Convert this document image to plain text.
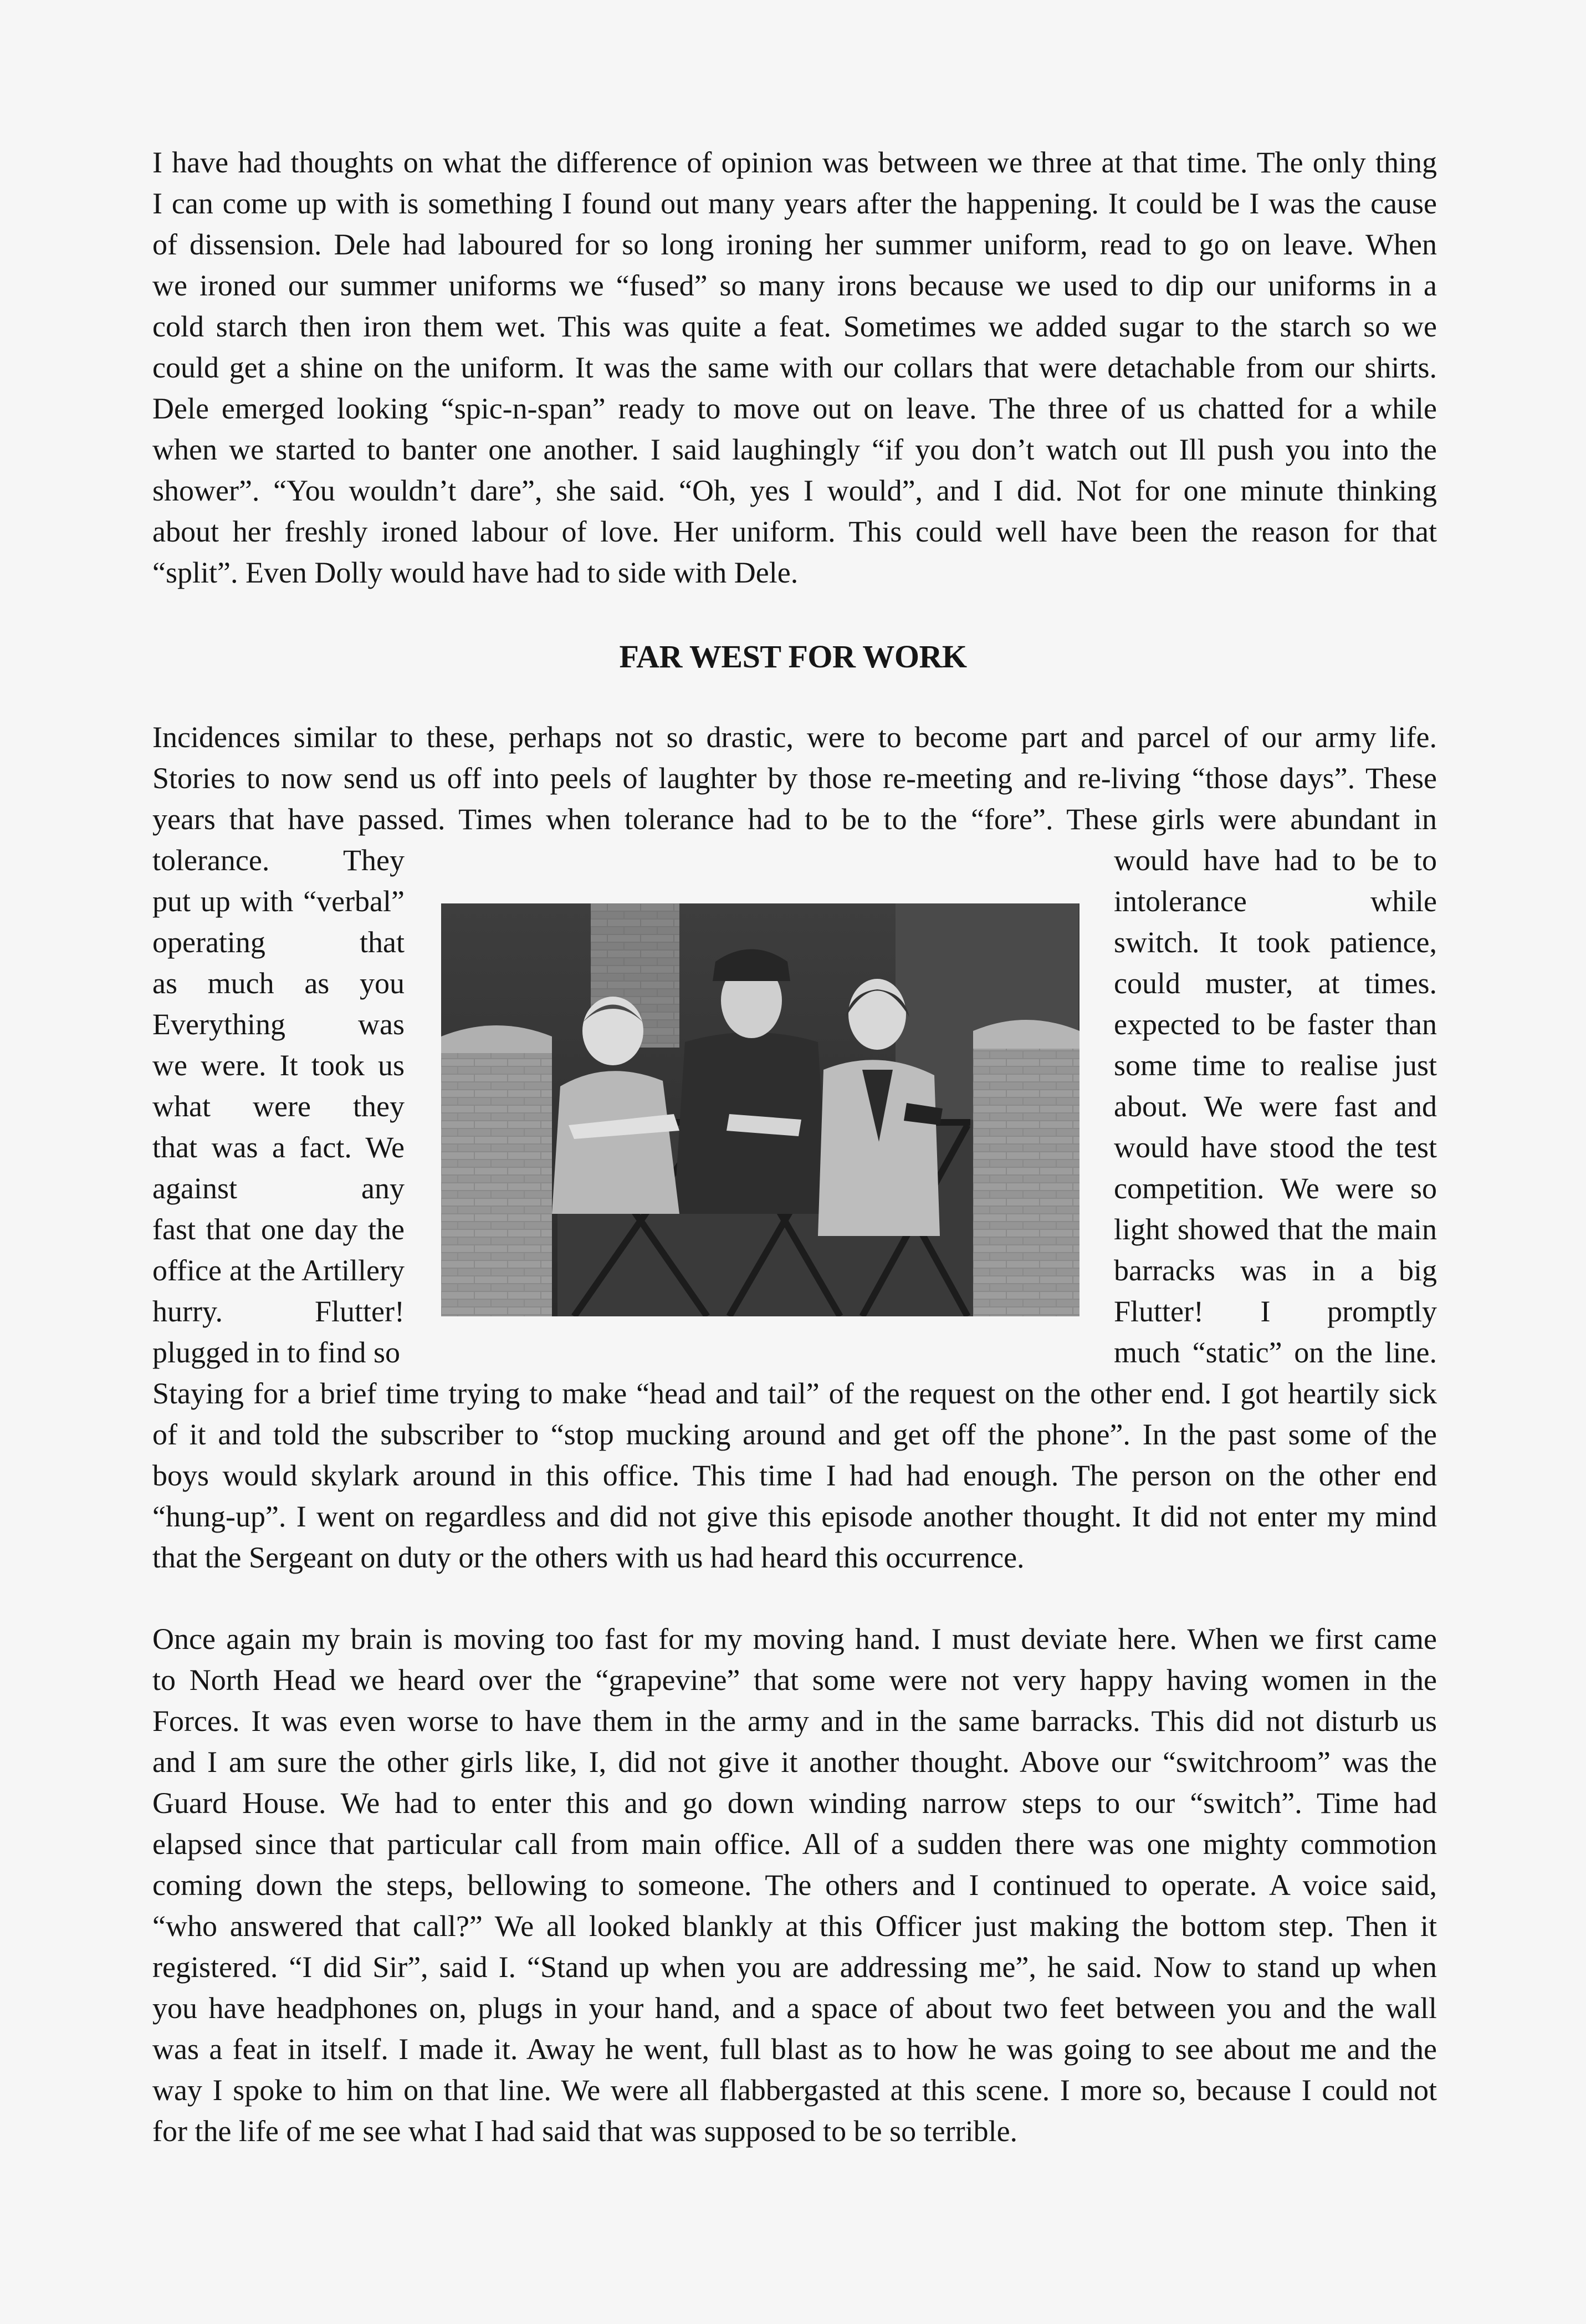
I have had thoughts on what the difference of opinion was between we three at that time. The only thing
I can come up with is something I found out many years after the happening. It could be I was the cause
of dissension. Dele had laboured for so long ironing her summer uniform, read to go on leave. When
we ironed our summer uniforms we “fused” so many irons because we used to dip our uniforms in a
cold starch then iron them wet. This was quite a feat. Sometimes we added sugar to the starch so we
could get a shine on the uniform. It was the same with our collars that were detachable from our shirts.
Dele emerged looking “spic-n-span” ready to move out on leave. The three of us chatted for a while
when we started to banter one another. I said laughingly “if you don’t watch out Ill push you into the
shower”. “You wouldn’t dare”, she said. “Oh, yes I would”, and I did. Not for one minute thinking
about her freshly ironed labour of love. Her uniform. This could well have been the reason for that
“split”. Even Dolly would have had to side with Dele.
FAR WEST FOR WORK
Incidences similar to these, perhaps not so drastic, were to become part and parcel of our army life.
Stories to now send us off into peels of laughter by those re-meeting and re-living “those days”. These
years that have passed. Times when tolerance had to be to the “fore”. These girls were abundant in
tolerance. They
put up with “verbal”
operating that
as much as you
Everything was
we were. It took us
what were they
that was a fact. We
against any
fast that one day the
office at the Artillery
hurry. Flutter!
plugged in to find so
would have had to be to
intolerance while
switch. It took patience,
could muster, at times.
expected to be faster than
some time to realise just
about. We were fast and
would have stood the test
competition. We were so
light showed that the main
barracks was in a big
Flutter! I promptly
much “static” on the line.
Staying for a brief time trying to make “head and tail” of the request on the other end. I got heartily sick
of it and told the subscriber to “stop mucking around and get off the phone”. In the past some of the
boys would skylark around in this office. This time I had had enough. The person on the other end
“hung-up”. I went on regardless and did not give this episode another thought. It did not enter my mind
that the Sergeant on duty or the others with us had heard this occurrence.
Once again my brain is moving too fast for my moving hand. I must deviate here. When we first came
to North Head we heard over the “grapevine” that some were not very happy having women in the
Forces. It was even worse to have them in the army and in the same barracks. This did not disturb us
and I am sure the other girls like, I, did not give it another thought. Above our “switchroom” was the
Guard House. We had to enter this and go down winding narrow steps to our “switch”. Time had
elapsed since that particular call from main office. All of a sudden there was one mighty commotion
coming down the steps, bellowing to someone. The others and I continued to operate. A voice said,
“who answered that call?” We all looked blankly at this Officer just making the bottom step. Then it
registered. “I did Sir”, said I. “Stand up when you are addressing me”, he said. Now to stand up when
you have headphones on, plugs in your hand, and a space of about two feet between you and the wall
was a feat in itself. I made it. Away he went, full blast as to how he was going to see about me and the
way I spoke to him on that line. We were all flabbergasted at this scene. I more so, because I could not
for the life of me see what I had said that was supposed to be so terrible.
